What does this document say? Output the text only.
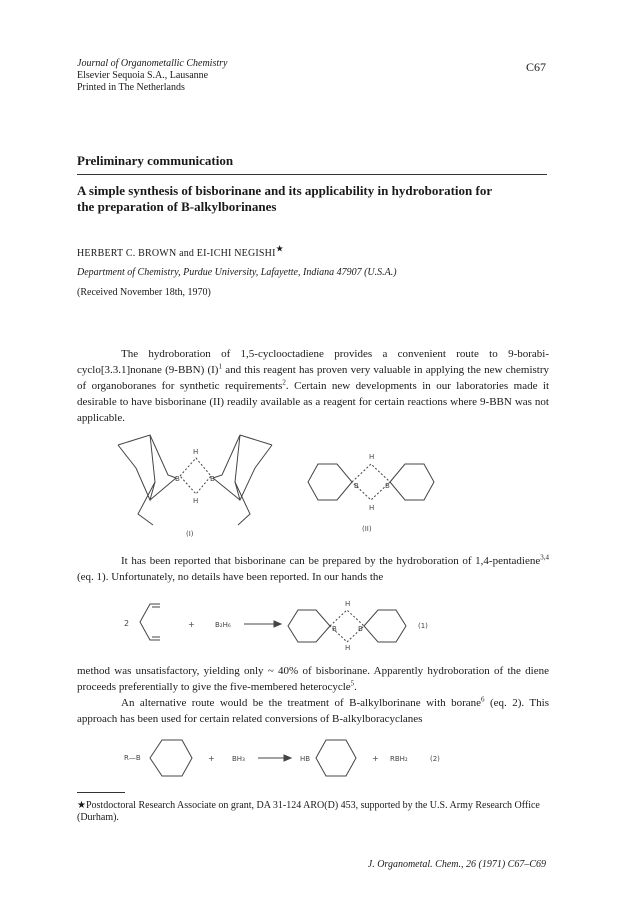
Journal of Organometallic Chemistry
Elsevier Sequoia S.A., Lausanne
Printed in The Netherlands
C67
Preliminary communication
A simple synthesis of bisborinane and its applicability in hydroboration for
the preparation of B-alkylborinanes
HERBERT C. BROWN and EI-ICHI NEGISHI★
Department of Chemistry, Purdue University, Lafayette, Indiana 47907 (U.S.A.)
(Received November 18th, 1970)
The hydroboration of 1,5-cyclooctadiene provides a convenient route to 9-borabi-cyclo[3.3.1]nonane (9-BBN) $(I)^1$ and this reagent has proven very valuable in applying the new chemistry of organoboranes for synthetic requirements$^2$. Certain new developments in our laboratories made it desirable to have bisborinane (II) readily available as a reagent for certain reactions where 9-BBN was not applicable.
B	B
H
H
(I)
B	B
H
H
(II)
It has been reported that bisborinane can be prepared by the hydroboration of 1,4-pentadiene$^{3,4}$ (eq. 1). Unfortunately, no details have been reported. In our hands the
2	+	B₂H₆	B	B
H
H
(1)
method was unsatisfactory, yielding only ~ 40% of bisborinane. Apparently hydroboration of the diene proceeds preferentially to give the five-membered heterocycle$^5$.
An alternative route would be the treatment of B-alkylborinane with borane$^6$ (eq. 2). This approach has been used for certain related conversions of B-alkylboracyclanes
R—B	+ BH₃	HB	+ RBH₂	(2)
★Postdoctoral Research Associate on grant, DA 31-124 ARO(D) 453, supported by the U.S. Army Research Office (Durham).
J. Organometal. Chem., 26 (1971) C67–C69
